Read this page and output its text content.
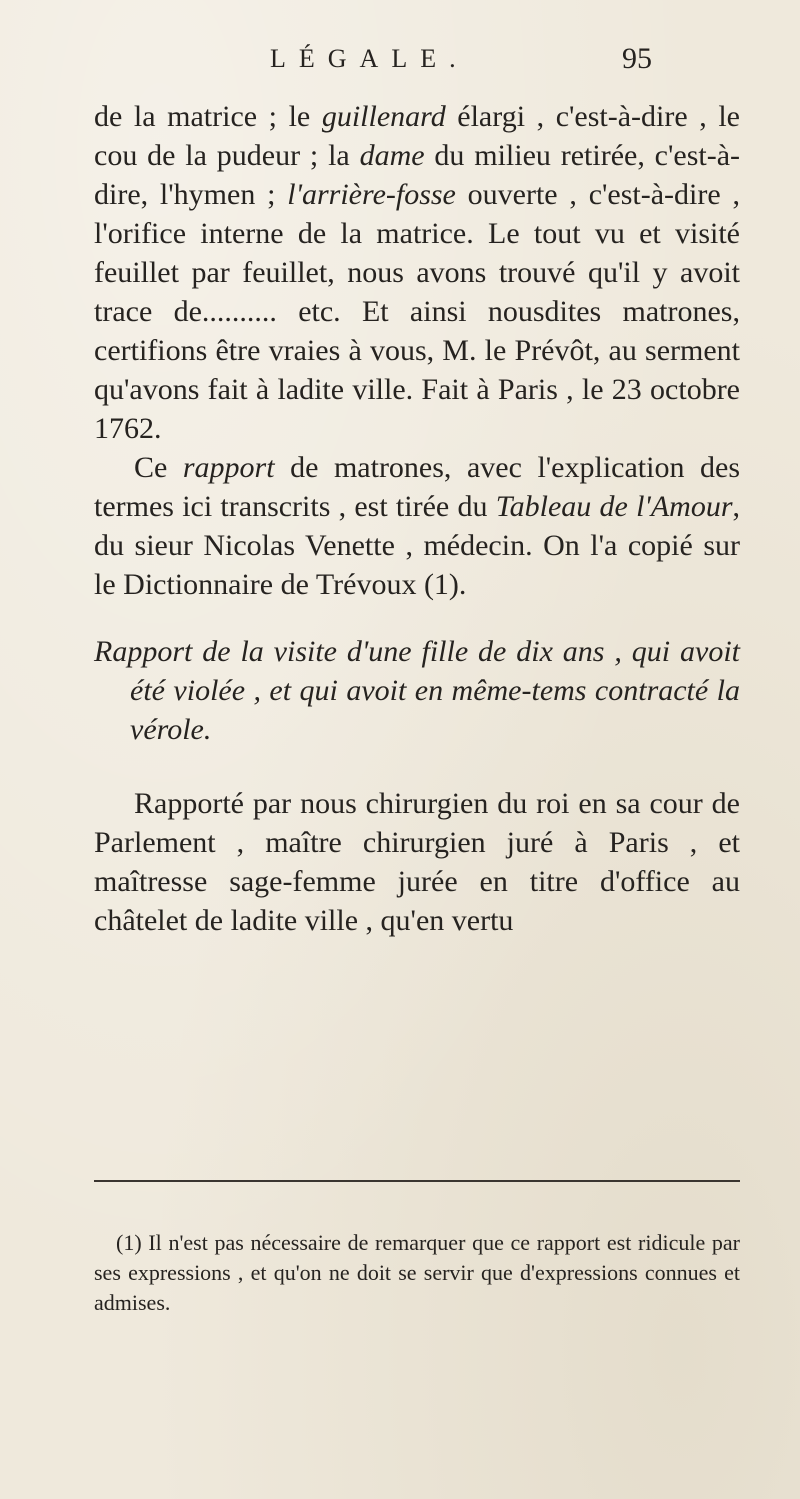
LÉGALE.	95

de la matrice ; le guillenard élargi , c'est-à-dire , le cou de la pudeur ; la dame du milieu retirée, c'est-à-dire, l'hymen ; l'arrière-fosse ouverte , c'est-à-dire , l'orifice interne de la matrice. Le tout vu et visité feuillet par feuillet, nous avons trouvé qu'il y avoit trace de.......... etc. Et ainsi nousdites matrones, certifions être vraies à vous, M. le Prévôt, au serment qu'avons fait à ladite ville. Fait à Paris , le 23 octobre 1762.

Ce rapport de matrones, avec l'explication des termes ici transcrits , est tirée du Tableau de l'Amour, du sieur Nicolas Venette , médecin. On l'a copié sur le Dictionnaire de Trévoux (1).

Rapport de la visite d'une fille de dix ans , qui avoit été violée , et qui avoit en même-tems contracté la vérole.

Rapporté par nous chirurgien du roi en sa cour de Parlement , maître chirurgien juré à Paris , et maîtresse sage-femme jurée en titre d'office au châtelet de ladite ville , qu'en vertu

(1) Il n'est pas nécessaire de remarquer que ce rapport est ridicule par ses expressions , et qu'on ne doit se servir que d'expressions connues et admises.
